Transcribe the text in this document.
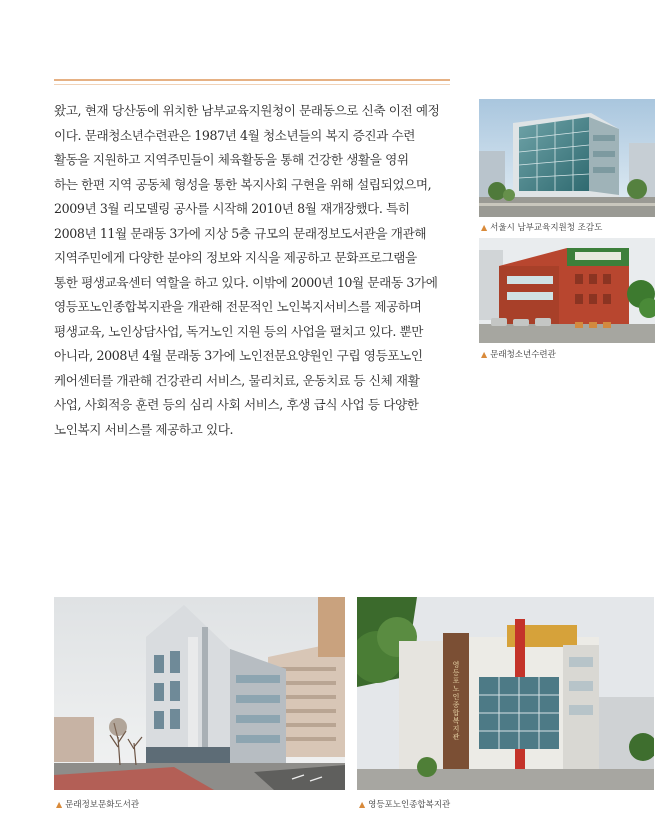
왔고, 현재 당산동에 위치한 남부교육지원청이 문래동으로 신축 이전 예정
이다. 문래청소년수련관은 1987년 4월 청소년들의 복지 증진과 수련
활동을 지원하고 지역주민들이 체육활동을 통해 건강한 생활을 영위
하는 한편 지역 공동체 형성을 통한 복지사회 구현을 위해 설립되었으며,
2009년 3월 리모델링 공사를 시작해 2010년 8월 재개장했다. 특히
2008년 11월 문래동 3가에 지상 5층 규모의 문래정보도서관을 개관해
지역주민에게 다양한 분야의 정보와 지식을 제공하고 문화프로그램을
통한 평생교육센터 역할을 하고 있다. 이밖에 2000년 10월 문래동 3가에
영등포노인종합복지관을 개관해 전문적인 노인복지서비스를 제공하며
평생교육, 노인상담사업, 독거노인 지원 등의 사업을 펼치고 있다. 뿐만
아니라, 2008년 4월 문래동 3가에 노인전문요양원인 구립 영등포노인
케어센터를 개관해 건강관리 서비스, 물리치료, 운동치료 등 신체 재활
사업, 사회적응 훈련 등의 심리 사회 서비스, 후생 급식 사업 등 다양한
노인복지 서비스를 제공하고 있다.
▲ 서울시 남부교육지원청 조감도
▲ 문래청소년수련관
▲ 문래정보문화도서관
영등포노인종합복지관
▲ 영등포노인종합복지관
